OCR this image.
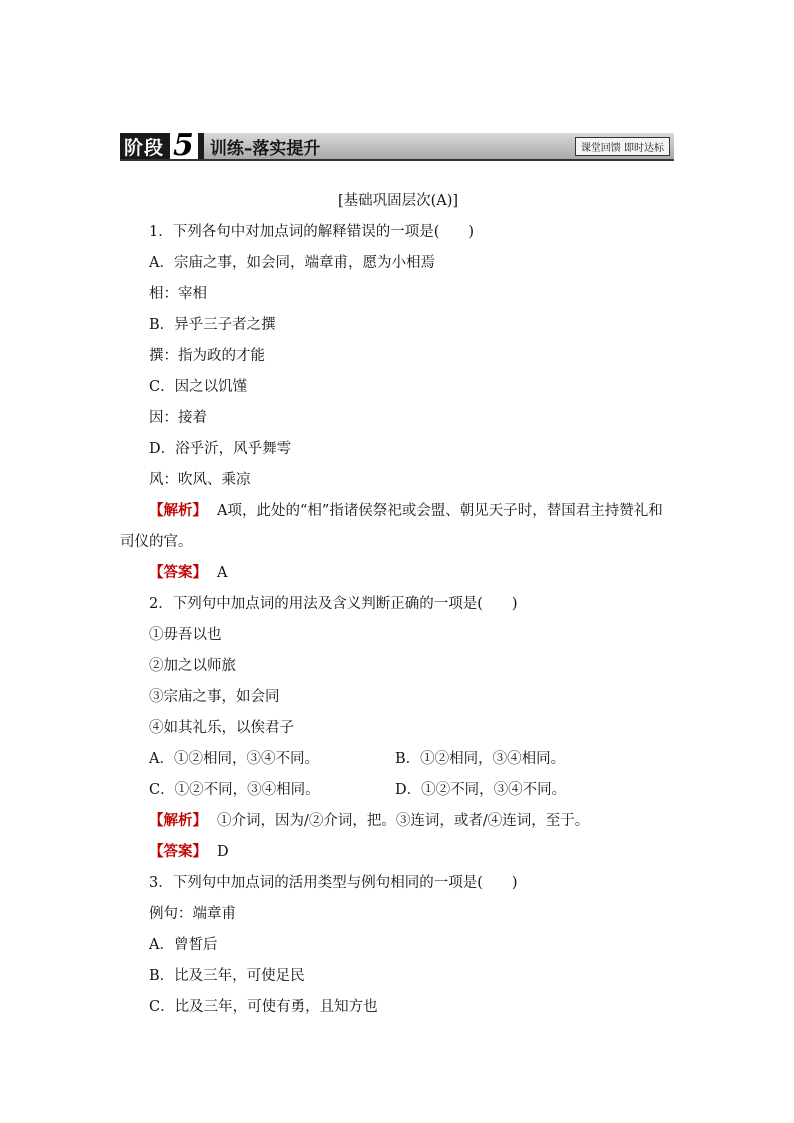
阶段 5 训练–落实提升	课堂回馈 即时达标
[基础巩固层次(A)]
1．下列各句中对加点词的解释错误的一项是(　　)
A．宗庙之事，如会同，端章甫，愿为小相焉
相：宰相
B．异乎三子者之撰
撰：指为政的才能
C．因之以饥馑
因：接着
D．浴乎沂，风乎舞雩
风：吹风、乘凉
【解析】 A项，此处的“相”指诸侯祭祀或会盟、朝见天子时，替国君主持赞礼和司仪的官。
【答案】 A
2．下列句中加点词的用法及含义判断正确的一项是(　　)
①毋吾以也
②加之以师旅
③宗庙之事，如会同
④如其礼乐，以俟君子
A．①②相同，③④不同。	B．①②相同，③④相同。
C．①②不同，③④相同。	D．①②不同，③④不同。
【解析】 ①介词，因为/②介词，把。③连词，或者/④连词，至于。
【答案】 D
3．下列句中加点词的活用类型与例句相同的一项是(　　)
例句：端章甫
A．曾皙后
B．比及三年，可使足民
C．比及三年，可使有勇，且知方也
